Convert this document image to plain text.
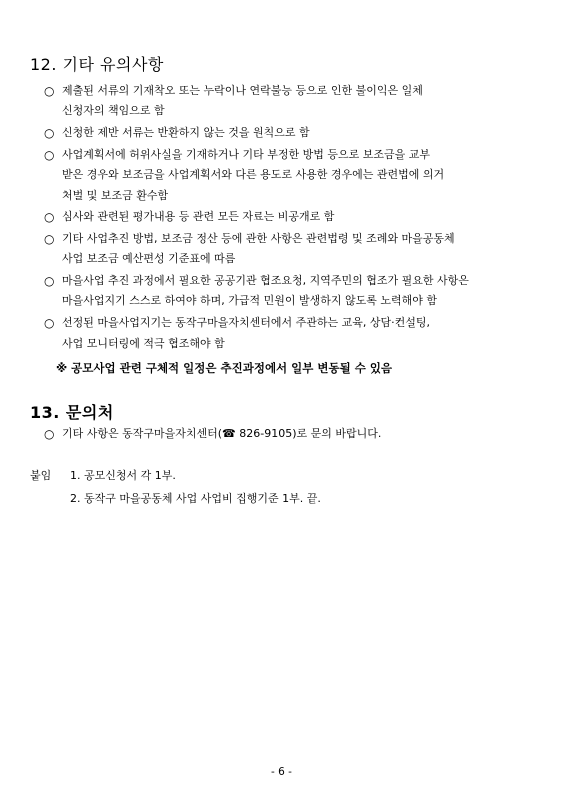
12. 기타 유의사항
○ 제출된 서류의 기재착오 또는 누락이나 연락불능 등으로 인한 불이익은 일체
신청자의 책임으로 함
○ 신청한 제반 서류는 반환하지 않는 것을 원칙으로 함
○ 사업계획서에 허위사실을 기재하거나 기타 부정한 방법 등으로 보조금을 교부
받은 경우와 보조금을 사업계획서와 다른 용도로 사용한 경우에는 관련법에 의거
처벌 및 보조금 환수함
○ 심사와 관련된 평가내용 등 관련 모든 자료는 비공개로 함
○ 기타 사업추진 방법, 보조금 정산 등에 관한 사항은 관련법령 및 조례와 마을공동체
사업 보조금 예산편성 기준표에 따름
○ 마을사업 추진 과정에서 필요한 공공기관 협조요청, 지역주민의 협조가 필요한 사항은
마을사업지기 스스로 하여야 하며, 가급적 민원이 발생하지 않도록 노력해야 함
○ 선정된 마을사업지기는 동작구마을자치센터에서 주관하는 교육, 상담·컨설팅,
사업 모니터링에 적극 협조해야 함
※ 공모사업 관련 구체적 일정은 추진과정에서 일부 변동될 수 있음
13. 문의처
○ 기타 사항은 동작구마을자치센터(☎ 826-9105)로 문의 바랍니다.
붙임 1. 공모신청서 각 1부.
2. 동작구 마을공동체 사업 사업비 집행기준 1부. 끝.
- 6 -
